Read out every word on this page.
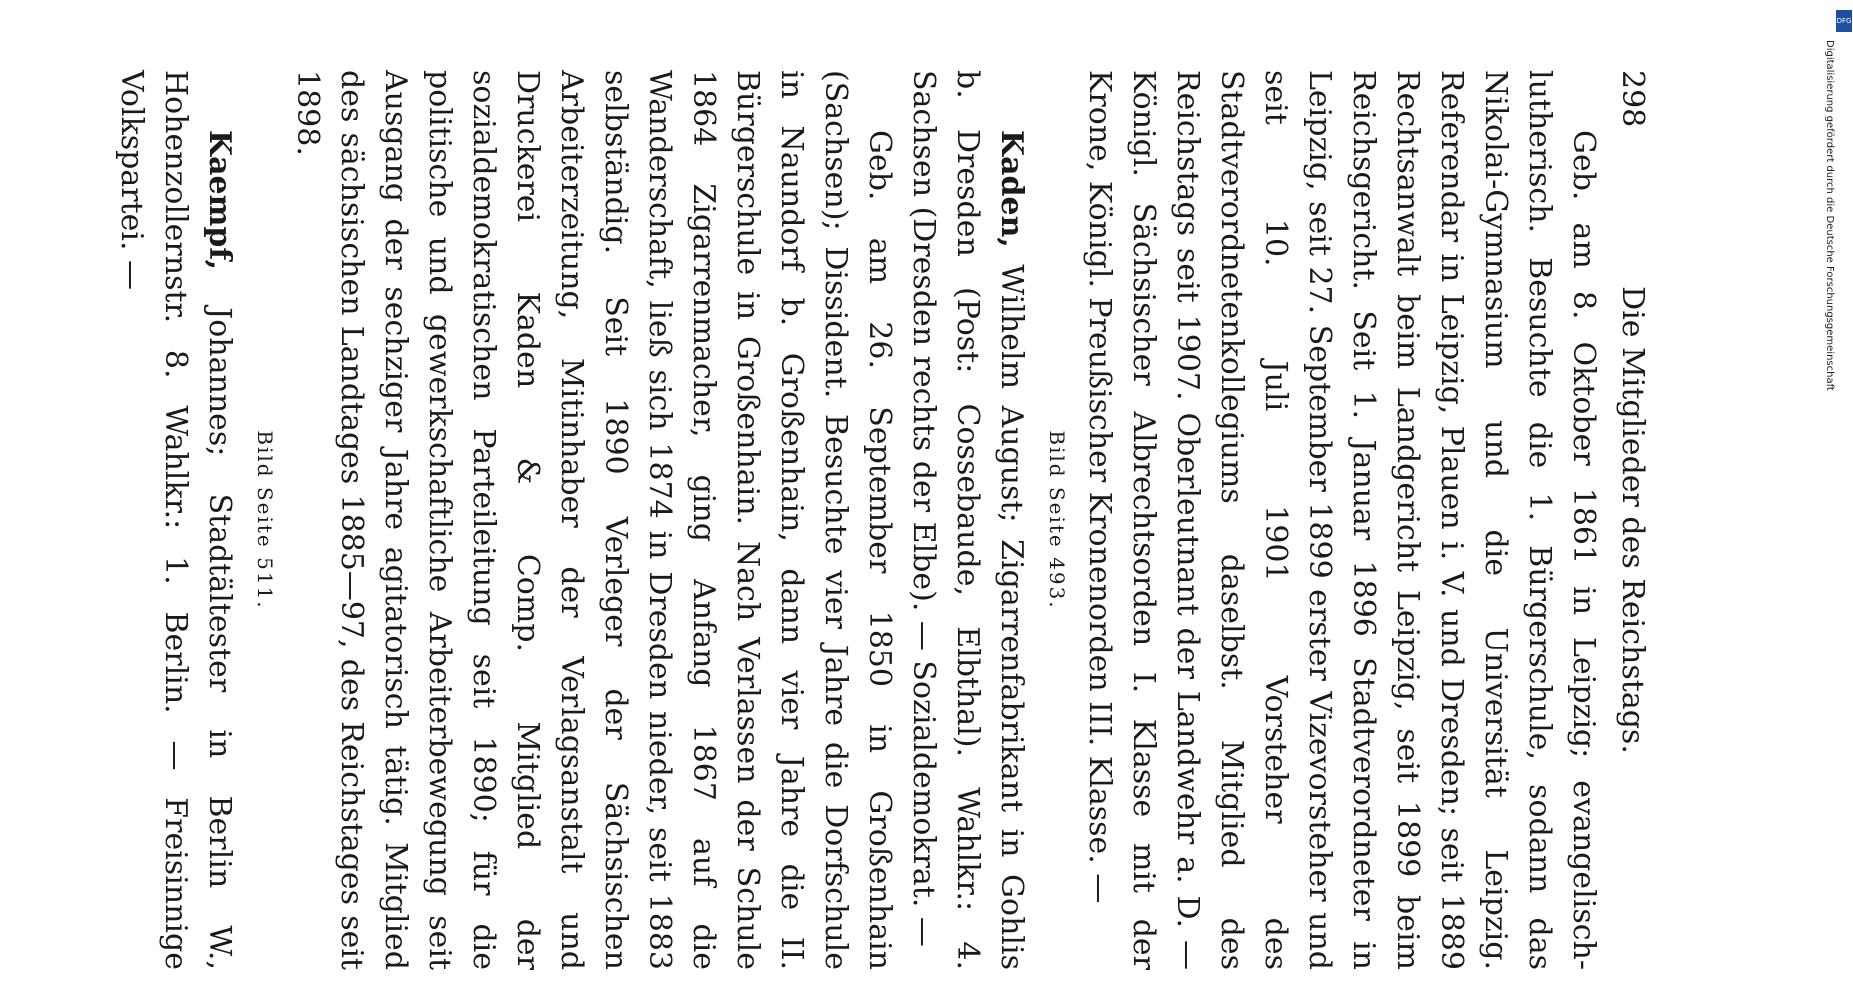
298
Die Mitglieder des Reichstags.

Geb. am 8. Oktober 1861 in Leipzig; evangelisch-lutherisch. Besuchte die 1. Bürgerschule, sodann das Nikolai-Gymnasium und die Universität Leipzig. Referendar in Leipzig, Plauen i. V. und Dresden; seit 1889 Rechtsanwalt beim Landgericht Leipzig, seit 1899 beim Reichsgericht. Seit 1. Januar 1896 Stadtverordneter in Leipzig, seit 27. September 1899 erster Vizevorsteher und seit 10. Juli 1901 Vorsteher des Stadtverordnetenkollegiums daselbst. Mitglied des Reichstags seit 1907. Oberleutnant der Landwehr a. D. — Königl. Sächsischer Albrechtsorden I. Klasse mit der Krone, Königl. Preußischer Kronenorden III. Klasse. —

Bild Seite 493.

Kaden, Wilhelm August; Zigarrenfabrikant in Gohlis b. Dresden (Post: Cossebaude, Elbthal). Wahlkr.: 4. Sachsen (Dresden rechts der Elbe). — Sozialdemokrat. —

Geb. am 26. September 1850 in Großenhain (Sachsen); Dissident. Besuchte vier Jahre die Dorfschule in Naundorf b. Großenhain, dann vier Jahre die II. Bürgerschule in Großenhain. Nach Verlassen der Schule 1864 Zigarrenmacher, ging Anfang 1867 auf die Wanderschaft, ließ sich 1874 in Dresden nieder, seit 1883 selbständig. Seit 1890 Verleger der Sächsischen Arbeiterzeitung, Mitinhaber der Verlagsanstalt und Druckerei Kaden & Comp. Mitglied der sozialdemokratischen Parteileitung seit 1890; für die politische und gewerkschaftliche Arbeiterbewegung seit Ausgang der sechziger Jahre agitatorisch tätig. Mitglied des sächsischen Landtages 1885—97, des Reichstages seit 1898.

Bild Seite 511.

Kaempf, Johannes; Stadtältester in Berlin W., Hohenzollernstr. 8. Wahlkr.: 1. Berlin. — Freisinnige Volkspartei. —

DFG
Digitalisierung gefördert durch die Deutsche Forschungsgemeinschaft
